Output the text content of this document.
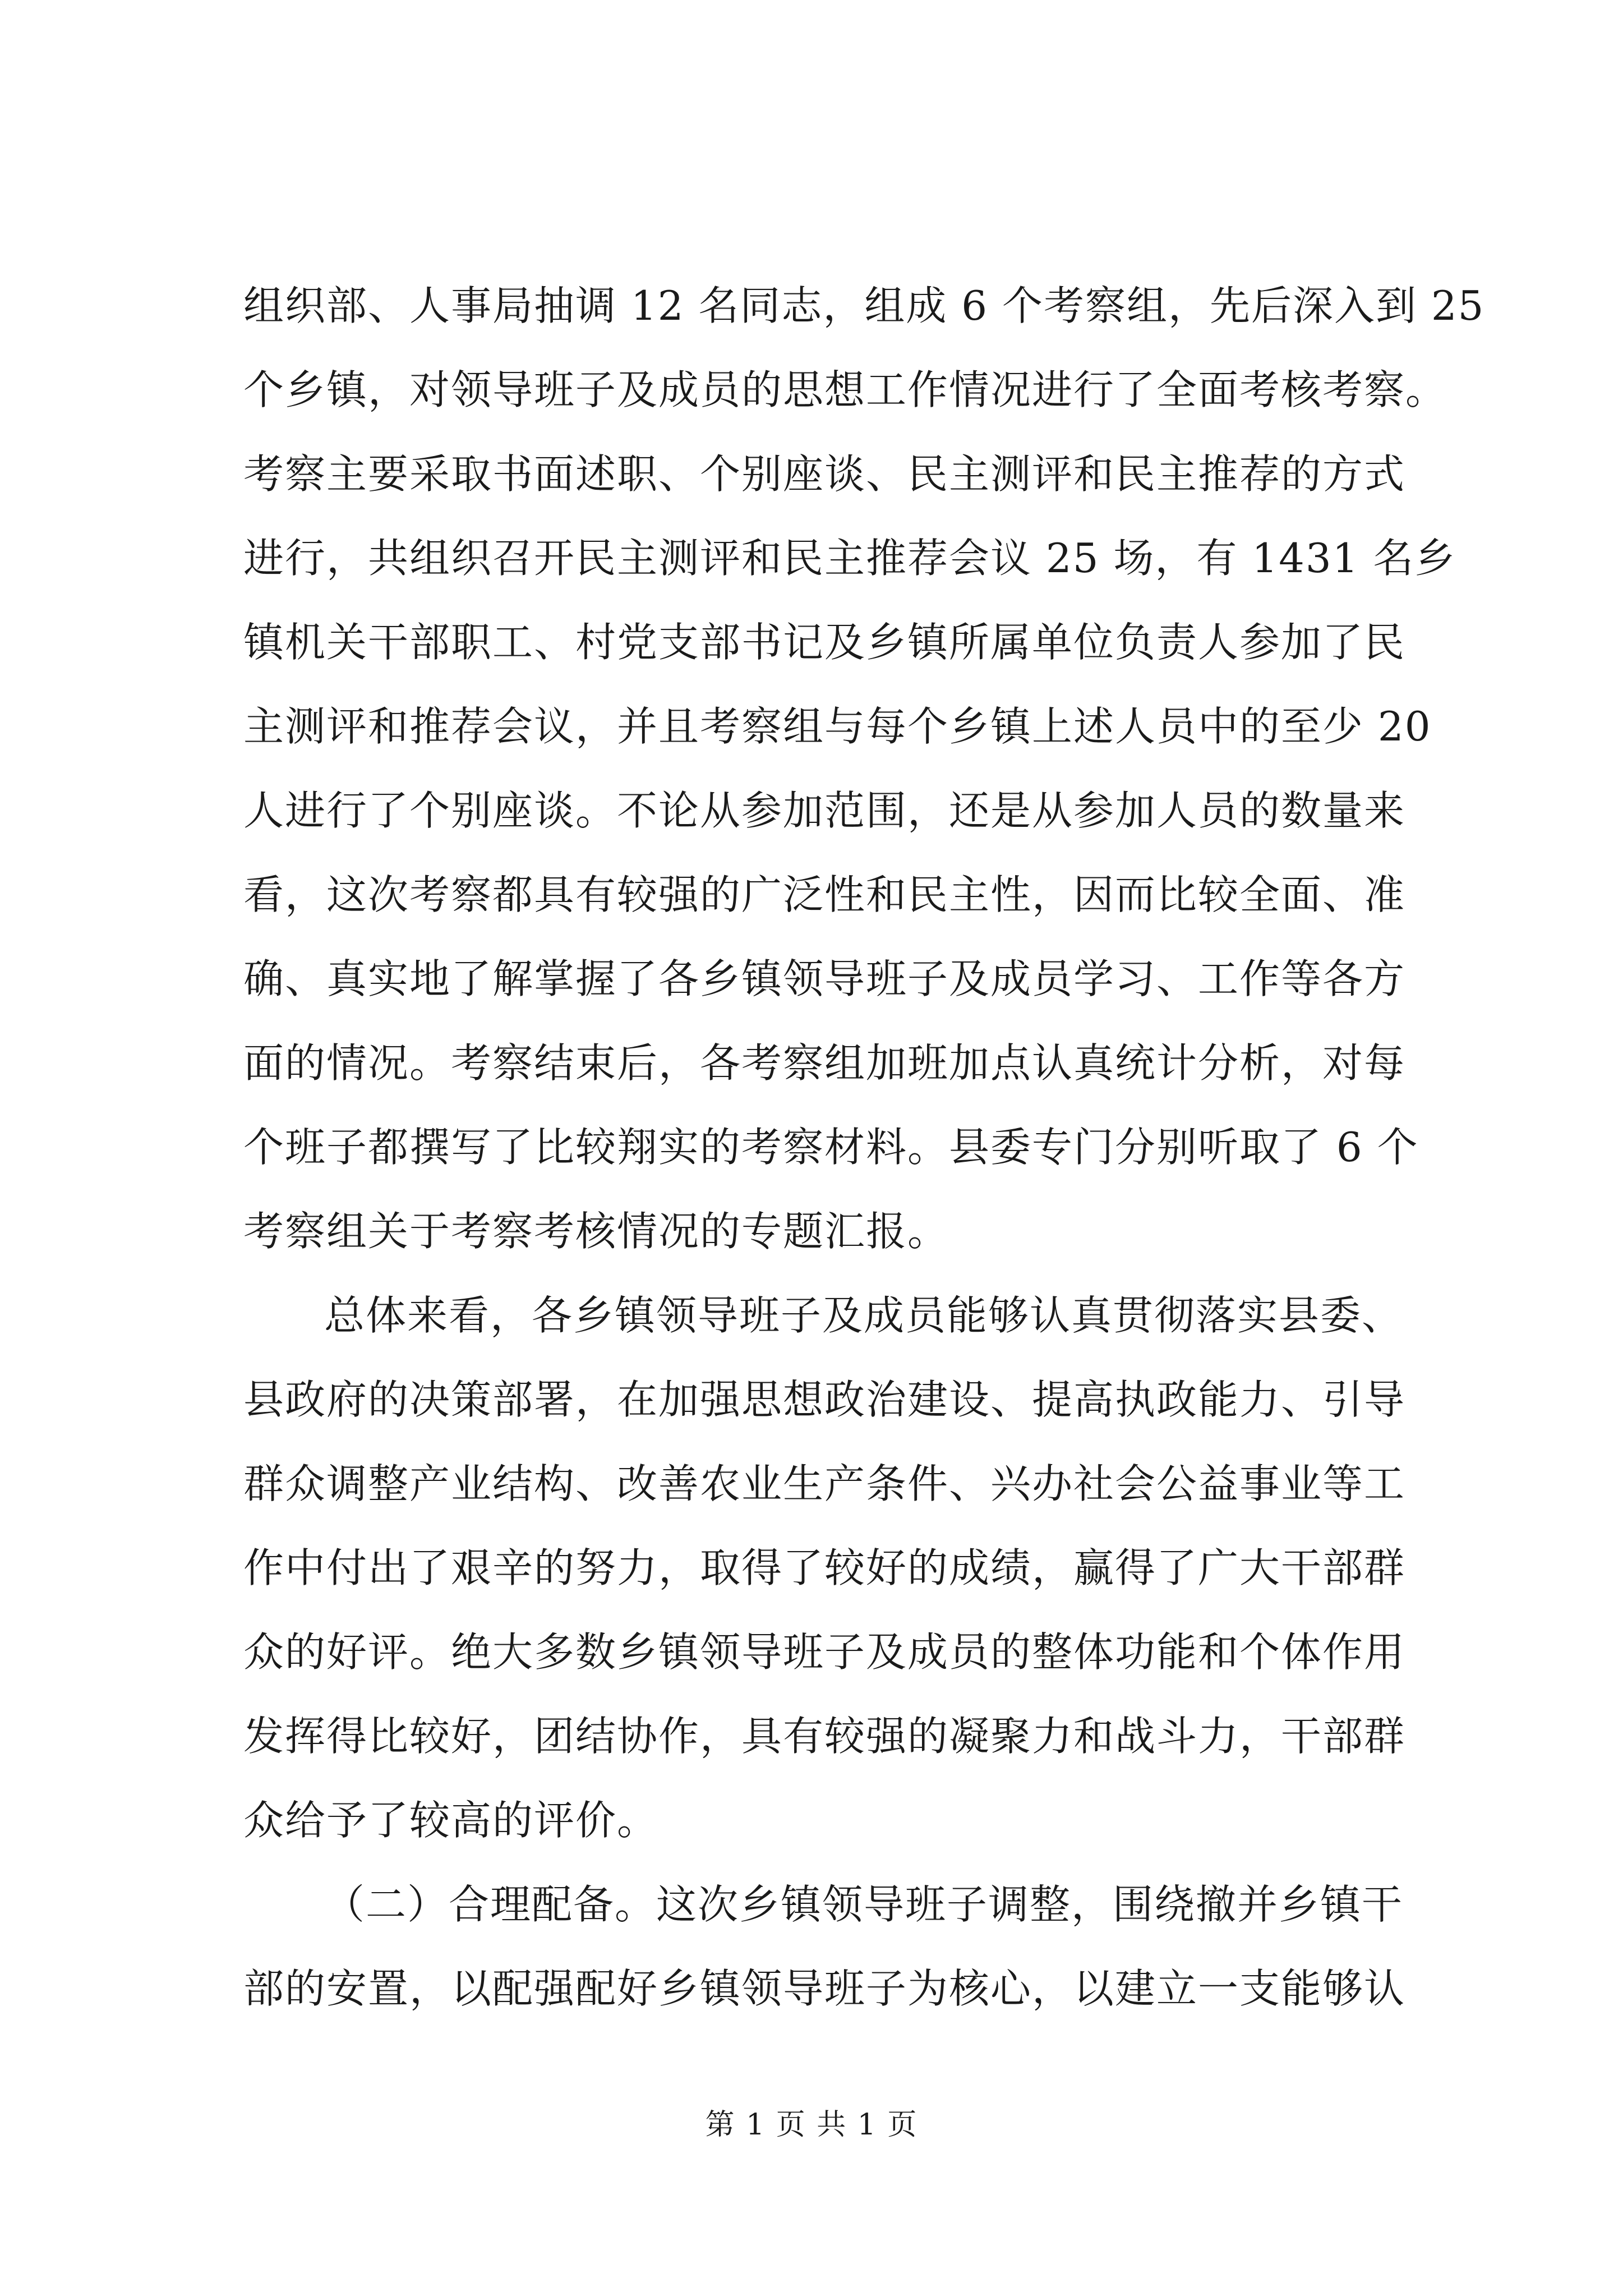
组织部、人事局抽调 12 名同志，组成 6 个考察组，先后深入到 25
个乡镇，对领导班子及成员的思想工作情况进行了全面考核考察。
考察主要采取书面述职、个别座谈、民主测评和民主推荐的方式
进行，共组织召开民主测评和民主推荐会议 25 场，有 1431 名乡
镇机关干部职工、村党支部书记及乡镇所属单位负责人参加了民
主测评和推荐会议，并且考察组与每个乡镇上述人员中的至少 20
人进行了个别座谈。不论从参加范围，还是从参加人员的数量来
看，这次考察都具有较强的广泛性和民主性，因而比较全面、准
确、真实地了解掌握了各乡镇领导班子及成员学习、工作等各方
面的情况。考察结束后，各考察组加班加点认真统计分析，对每
个班子都撰写了比较翔实的考察材料。县委专门分别听取了 6 个
考察组关于考察考核情况的专题汇报。
总体来看，各乡镇领导班子及成员能够认真贯彻落实县委、
县政府的决策部署，在加强思想政治建设、提高执政能力、引导
群众调整产业结构、改善农业生产条件、兴办社会公益事业等工
作中付出了艰辛的努力，取得了较好的成绩，赢得了广大干部群
众的好评。绝大多数乡镇领导班子及成员的整体功能和个体作用
发挥得比较好，团结协作，具有较强的凝聚力和战斗力，干部群
众给予了较高的评价。
（二）合理配备。这次乡镇领导班子调整，围绕撤并乡镇干
部的安置，以配强配好乡镇领导班子为核心，以建立一支能够认
第 1 页 共 1 页
